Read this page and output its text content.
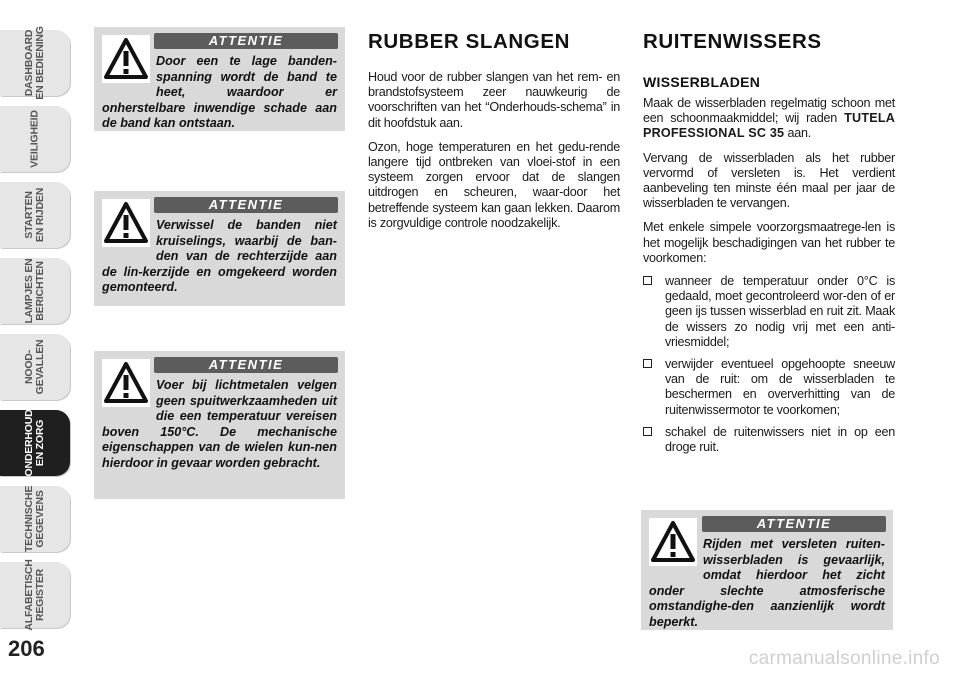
DASHBOARD
EN BEDIENING
VEILIGHEID
STARTEN
EN RIJDEN
LAMPJES EN
BERICHTEN
NOOD-
GEVALLEN
ONDERHOUD
EN ZORG
TECHNISCHE
GEGEVENS
ALFABETISCH
REGISTER
206
ATTENTIE
Door een te lage banden-spanning wordt de band te heet, waardoor er onherstelbare inwendige schade aan de band kan ontstaan.
ATTENTIE
Verwissel de banden niet kruiselings, waarbij de ban-den van de rechterzijde aan de lin-kerzijde en omgekeerd worden gemonteerd.
ATTENTIE
Voer bij lichtmetalen velgen geen spuitwerkzaamheden uit die een temperatuur vereisen boven 150°C. De mechanische eigenschappen van de wielen kun-nen hierdoor in gevaar worden gebracht.
RUBBER SLANGEN

Houd voor de rubber slangen van het rem- en brandstofsysteem zeer nauwkeurig de voorschriften van het “Onderhouds-schema” in dit hoofdstuk aan.

Ozon, hoge temperaturen en het gedu-rende langere tijd ontbreken van vloei-stof in een systeem zorgen ervoor dat de slangen uitdrogen en scheuren, waar-door het betreffende systeem kan gaan lekken. Daarom is zorgvuldige controle noodzakelijk.

RUITENWISSERS
WISSERBLADEN

Maak de wisserbladen regelmatig schoon met een schoonmaakmiddel; wij raden TUTELA PROFESSIONAL SC 35 aan.

Vervang de wisserbladen als het rubber vervormd of versleten is. Het verdient aanbeveling ten minste één maal per jaar de wisserbladen te vervangen.

Met enkele simpele voorzorgsmaatrege-len is het mogelijk beschadigingen van het rubber te voorkomen:

wanneer de temperatuur onder 0°C is gedaald, moet gecontroleerd wor-den of er geen ijs tussen wisserblad en ruit zit. Maak de wissers zo nodig vrij met een anti-vriesmiddel;
verwijder eventueel opgehoopte sneeuw van de ruit: om de wisserbladen te beschermen en oververhitting van de ruitenwissermotor te voorkomen;
schakel de ruitenwissers niet in op een droge ruit.
ATTENTIE
Rijden met versleten ruiten-wisserbladen is gevaarlijk, omdat hierdoor het zicht onder slechte atmosferische omstandighe-den aanzienlijk wordt beperkt.
carmanualsonline.info
